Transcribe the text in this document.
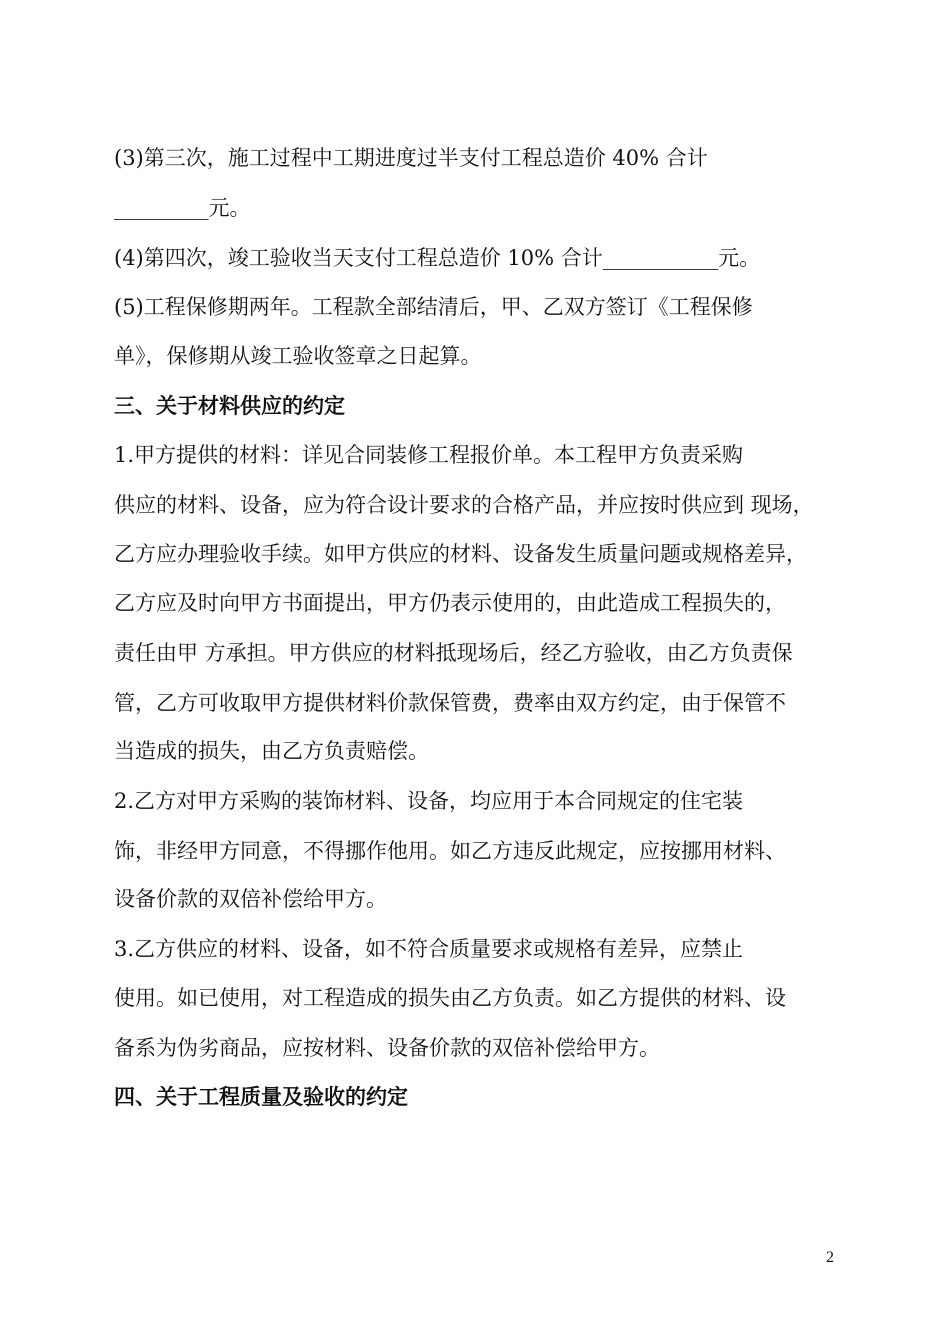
(3)第三次，施工过程中工期进度过半支付工程总造价 40% 合计
_________元。
(4)第四次，竣工验收当天支付工程总造价 10% 合计___________元。
(5)工程保修期两年。工程款全部结清后，甲、乙双方签订《工程保修
单》，保修期从竣工验收签章之日起算。
三、关于材料供应的约定
1.甲方提供的材料：详见合同装修工程报价单。本工程甲方负责采购
供应的材料、设备，应为符合设计要求的合格产品，并应按时供应到 现场，
乙方应办理验收手续。如甲方供应的材料、设备发生质量问题或规格差异，
乙方应及时向甲方书面提出，甲方仍表示使用的，由此造成工程损失的，
责任由甲 方承担。甲方供应的材料抵现场后，经乙方验收，由乙方负责保
管，乙方可收取甲方提供材料价款保管费，费率由双方约定，由于保管不
当造成的损失，由乙方负责赔偿。
2.乙方对甲方采购的装饰材料、设备，均应用于本合同规定的住宅装
饰，非经甲方同意，不得挪作他用。如乙方违反此规定，应按挪用材料、
设备价款的双倍补偿给甲方。
3.乙方供应的材料、设备，如不符合质量要求或规格有差异，应禁止
使用。如已使用，对工程造成的损失由乙方负责。如乙方提供的材料、设
备系为伪劣商品，应按材料、设备价款的双倍补偿给甲方。
四、关于工程质量及验收的约定
2
